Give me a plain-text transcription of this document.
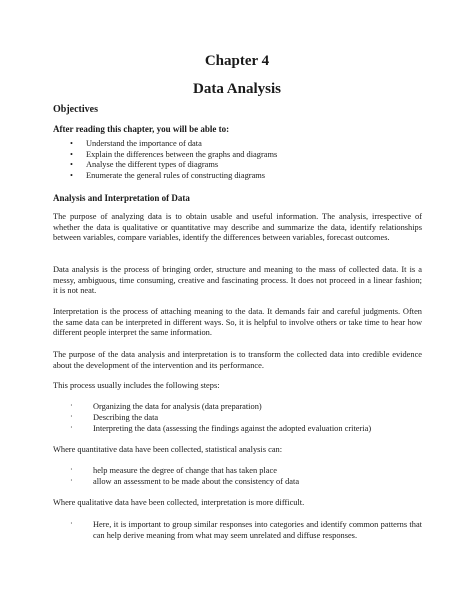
Chapter 4
Data Analysis
Objectives
After reading this chapter, you will be able to:
• Understand the importance of data
• Explain the differences between the graphs and diagrams
• Analyse the different types of diagrams
• Enumerate the general rules of constructing diagrams
Analysis and Interpretation of Data
The purpose of analyzing data is to obtain usable and useful information. The analysis, irrespective of whether the data is qualitative or quantitative may describe and summarize the data, identify relationships between variables, compare variables, identify the differences between variables, forecast outcomes.
Data analysis is the process of bringing order, structure and meaning to the mass of collected data. It is a messy, ambiguous, time consuming, creative and fascinating process. It does not proceed in a linear fashion; it is not neat.
Interpretation is the process of attaching meaning to the data. It demands fair and careful judgments. Often the same data can be interpreted in different ways. So, it is helpful to involve others or take time to hear how different people interpret the same information.
The purpose of the data analysis and interpretation is to transform the collected data into credible evidence about the development of the intervention and its performance.
This process usually includes the following steps:
· Organizing the data for analysis (data preparation)
· Describing the data
· Interpreting the data (assessing the findings against the adopted evaluation criteria)
Where quantitative data have been collected, statistical analysis can:
· help measure the degree of change that has taken place
· allow an assessment to be made about the consistency of data
Where qualitative data have been collected, interpretation is more difficult.
· Here, it is important to group similar responses into categories and identify common patterns that can help derive meaning from what may seem unrelated and diffuse responses.
